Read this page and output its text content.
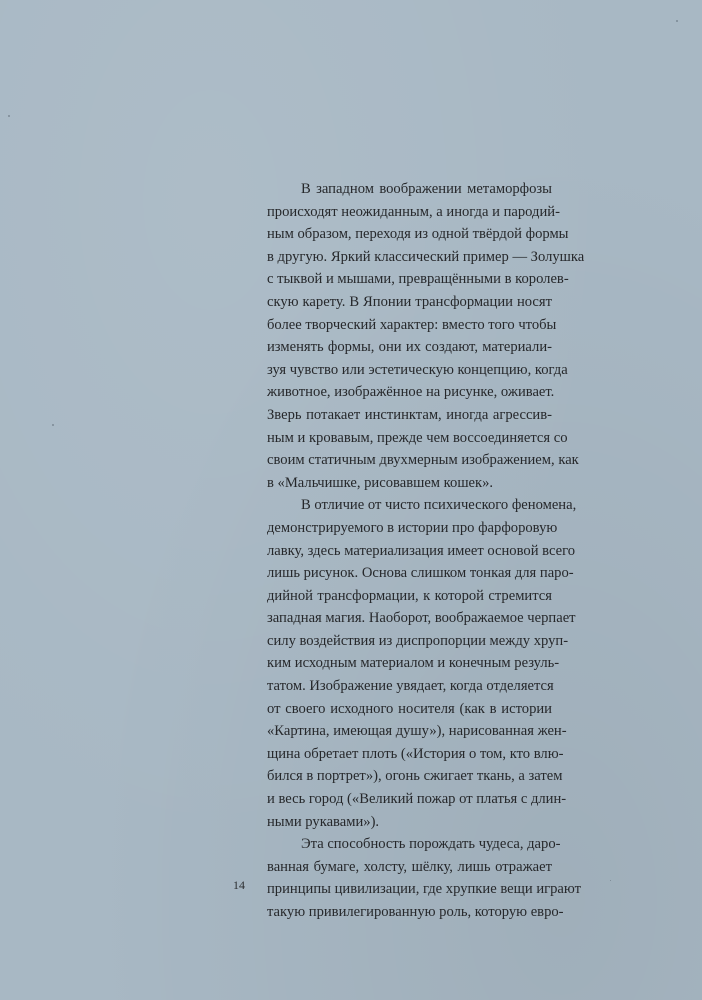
В западном воображении метаморфозы
происходят неожиданным, а иногда и пародий-
ным образом, переходя из одной твёрдой формы
в другую. Яркий классический пример — Золушка
с тыквой и мышами, превращёнными в королев-
скую карету. В Японии трансформации носят
более творческий характер: вместо того чтобы
изменять формы, они их создают, материали-
зуя чувство или эстетическую концепцию, когда
животное, изображённое на рисунке, оживает.
Зверь потакает инстинктам, иногда агрессив-
ным и кровавым, прежде чем воссоединяется со
своим статичным двухмерным изображением, как
в «Мальчишке, рисовавшем кошек».
В отличие от чисто психического феномена,
демонстрируемого в истории про фарфоровую
лавку, здесь материализация имеет основой всего
лишь рисунок. Основа слишком тонкая для паро-
дийной трансформации, к которой стремится
западная магия. Наоборот, воображаемое черпает
силу воздействия из диспропорции между хруп-
ким исходным материалом и конечным резуль-
татом. Изображение увядает, когда отделяется
от своего исходного носителя (как в истории
«Картина, имеющая душу»), нарисованная жен-
щина обретает плоть («История о том, кто влю-
бился в портрет»), огонь сжигает ткань, а затем
и весь город («Великий пожар от платья с длин-
ными рукавами»).
Эта способность порождать чудеса, даро-
ванная бумаге, холсту, шёлку, лишь отражает
принципы цивилизации, где хрупкие вещи играют
такую привилегированную роль, которую евро-
14
